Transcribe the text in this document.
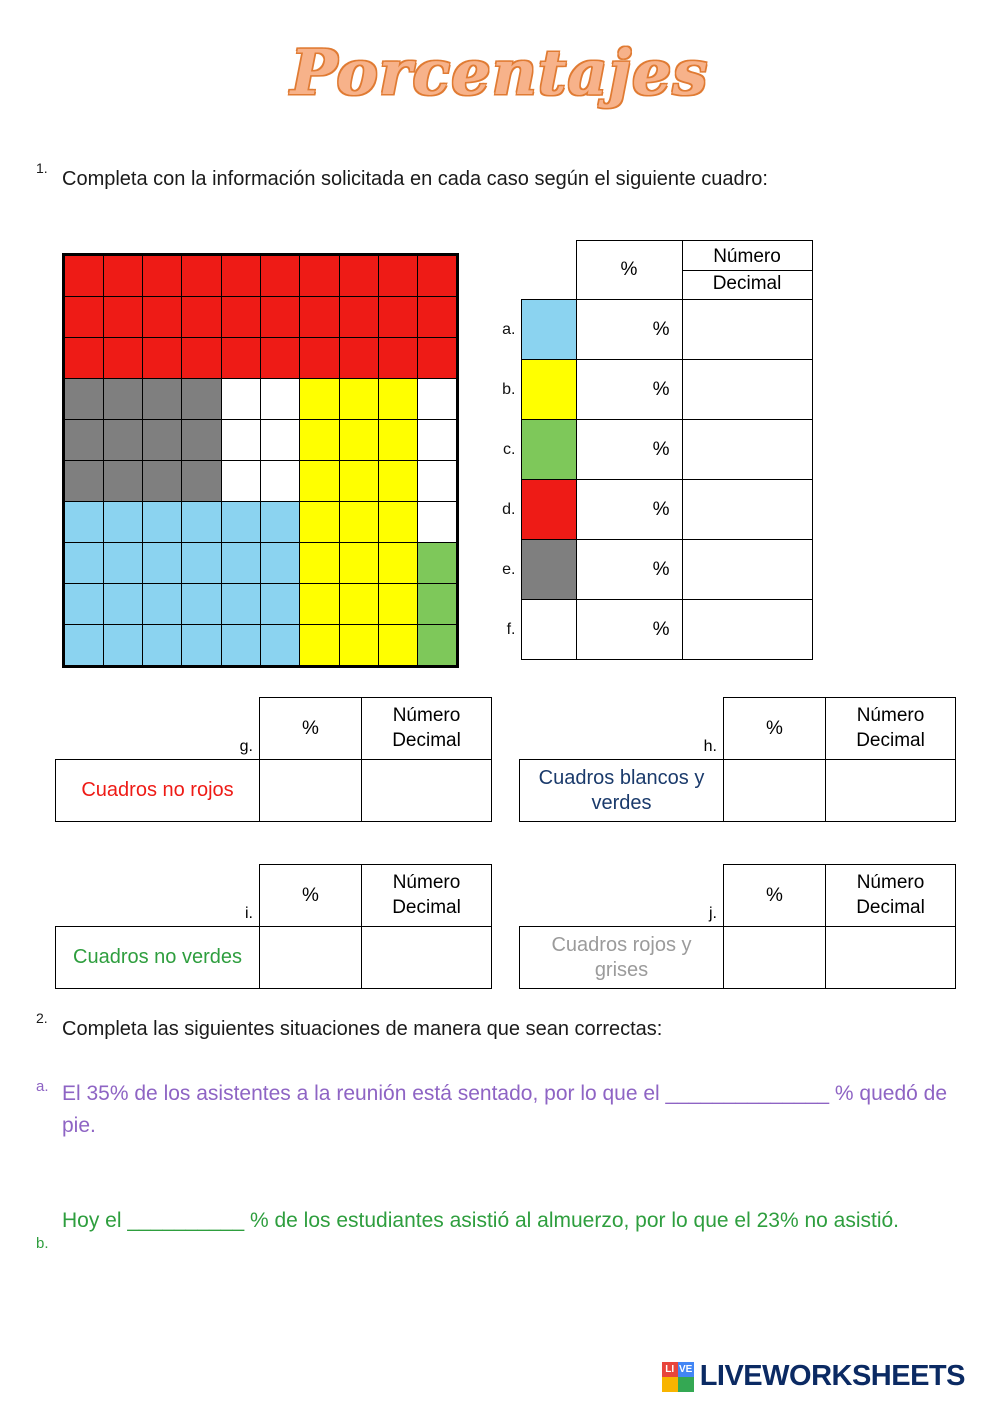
Porcentajes
1. Completa con la información solicitada en cada caso según el siguiente cuadro:
		%	Número
Decimal

a.		%	
b.		%	
c.		%	
d.		%	
e.		%	
f.		%	
g.	%	Número
Decimal

Cuadros no rojos		
h.	%	Número
Decimal

Cuadros blancos y verdes		
i.	%	Número
Decimal

Cuadros no verdes		
j.	%	Número
Decimal

Cuadros rojos y grises		
2. Completa las siguientes situaciones de manera que sean correctas:
a. El 35% de los asistentes a la reunión está sentado, por lo que el ______________ % quedó de pie.
b.
Hoy el __________ % de los estudiantes asistió al almuerzo, por lo que el 23% no asistió.
LI VE LIVEWORKSHEETS
